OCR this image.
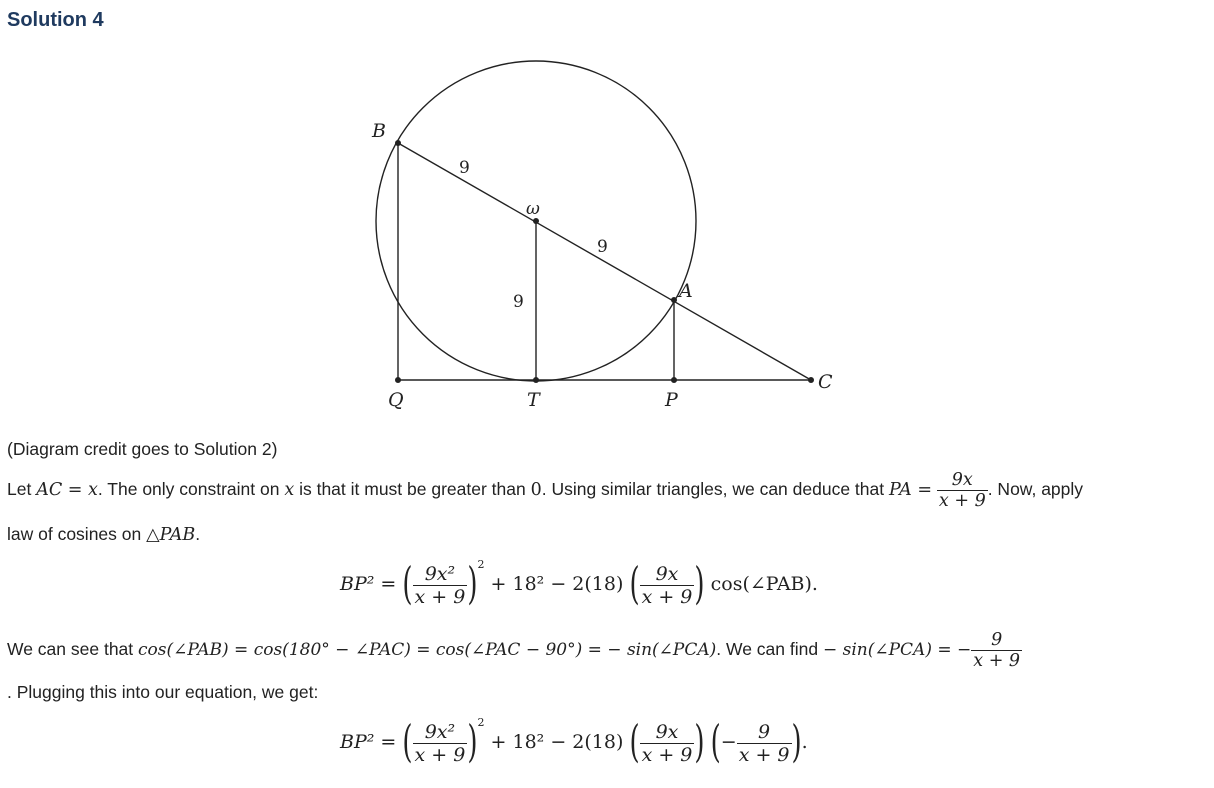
Solution 4
B
ω
A
C
Q	T	P
9
9
9
(Diagram credit goes to Solution 2)
Let AC = x. The only constraint on x is that it must be greater than 0. Using similar triangles, we can deduce that PA = $\frac{9x}{x + 9}$ . Now, apply
law of cosines on △PAB.
BP² = ( $\frac{\text{9x²}}{x + 9} )^2 + 18^2 - 2(18)$ ( $\frac{9x}{x + 9}$ ) cos(∠PAB).
We can see that cos(∠PAB) = cos(180° − ∠PAC) = cos(∠PAC − 90°) = − sin(∠PCA). We can find − sin(∠PCA) = − $\frac{9}{x + 9}$
. Plugging this into our equation, we get:
BP² = ( $\frac{\text{9x²}}{x + 9} )^2 + 18^2 - 2(18)$ ( $\frac{9x}{x + 9}$ ) (− $\frac{9}{x + 9}$ ).
